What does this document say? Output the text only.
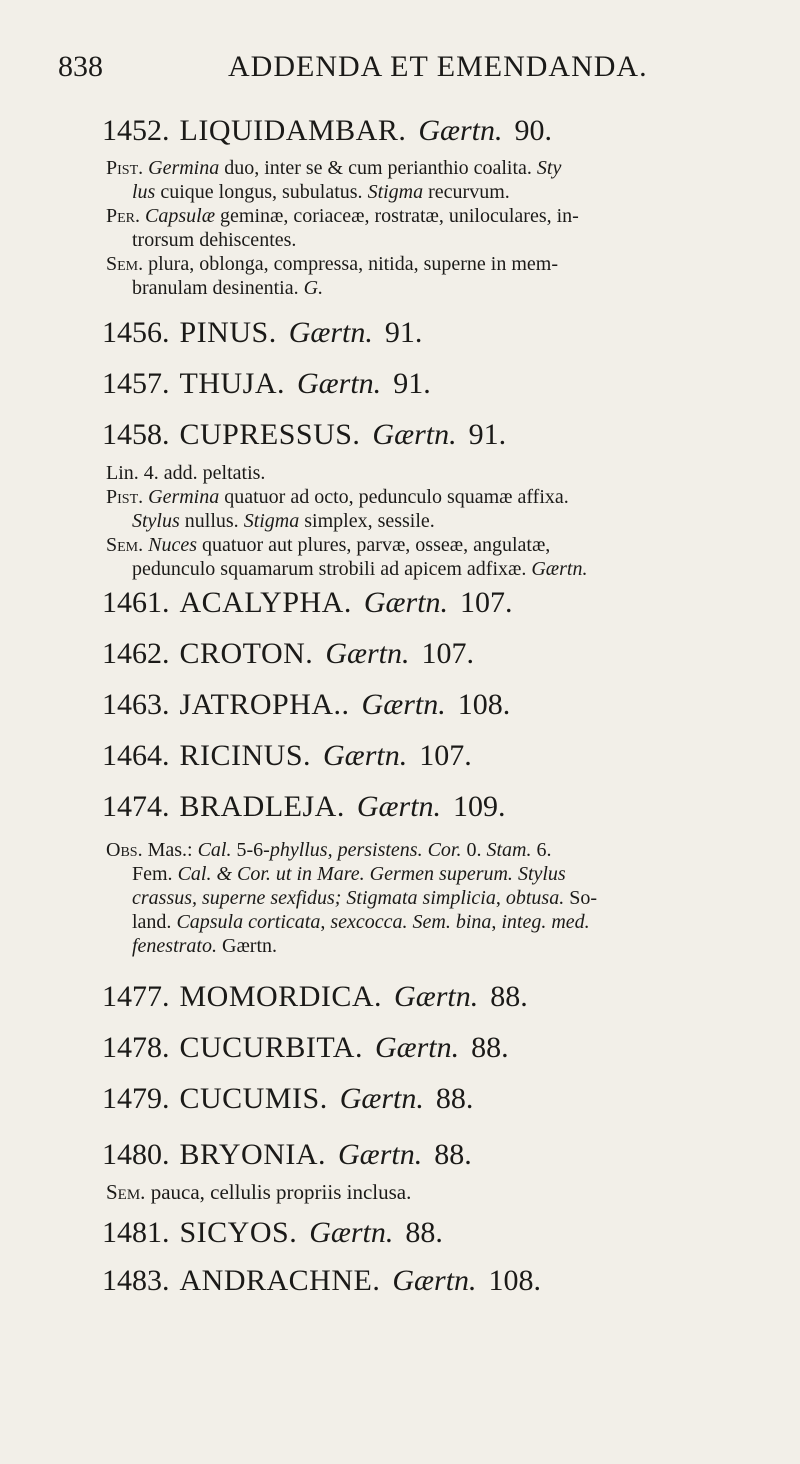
838	ADDENDA ET EMENDANDA.
1452. LIQUIDAMBAR. Gærtn. 90.

Pist. Germina duo, inter se & cum perianthio coalita. Sty

lus cuique longus, subulatus. Stigma recurvum.

Per. Capsulæ geminæ, coriaceæ, rostratæ, uniloculares, in-

trorsum dehiscentes.

Sem. plura, oblonga, compressa, nitida, superne in mem-

branulam desinentia. G.

1456. PINUS. Gærtn. 91.
1457. THUJA. Gærtn. 91.
1458. CUPRESSUS. Gærtn. 91.

Lin. 4. add. peltatis.

Pist. Germina quatuor ad octo, pedunculo squamæ affixa.

Stylus nullus. Stigma simplex, sessile.

Sem. Nuces quatuor aut plures, parvæ, osseæ, angulatæ,

pedunculo squamarum strobili ad apicem adfixæ. Gærtn.

1461. ACALYPHA. Gærtn. 107.
1462. CROTON. Gærtn. 107.
1463. JATROPHA.. Gærtn. 108.
1464. RICINUS. Gærtn. 107.
1474. BRADLEJA. Gærtn. 109.

Obs. Mas.: Cal. 5-6-phyllus, persistens. Cor. 0. Stam. 6.

Fem. Cal. & Cor. ut in Mare. Germen superum. Stylus

crassus, superne sexfidus; Stigmata simplicia, obtusa. So-

land. Capsula corticata, sexcocca. Sem. bina, integ. med.

fenestrato. Gærtn.

1477. MOMORDICA. Gærtn. 88.
1478. CUCURBITA. Gærtn. 88.
1479. CUCUMIS. Gærtn. 88.
1480. BRYONIA. Gærtn. 88.

Sem. pauca, cellulis propriis inclusa.

1481. SICYOS. Gærtn. 88.
1483. ANDRACHNE. Gærtn. 108.
